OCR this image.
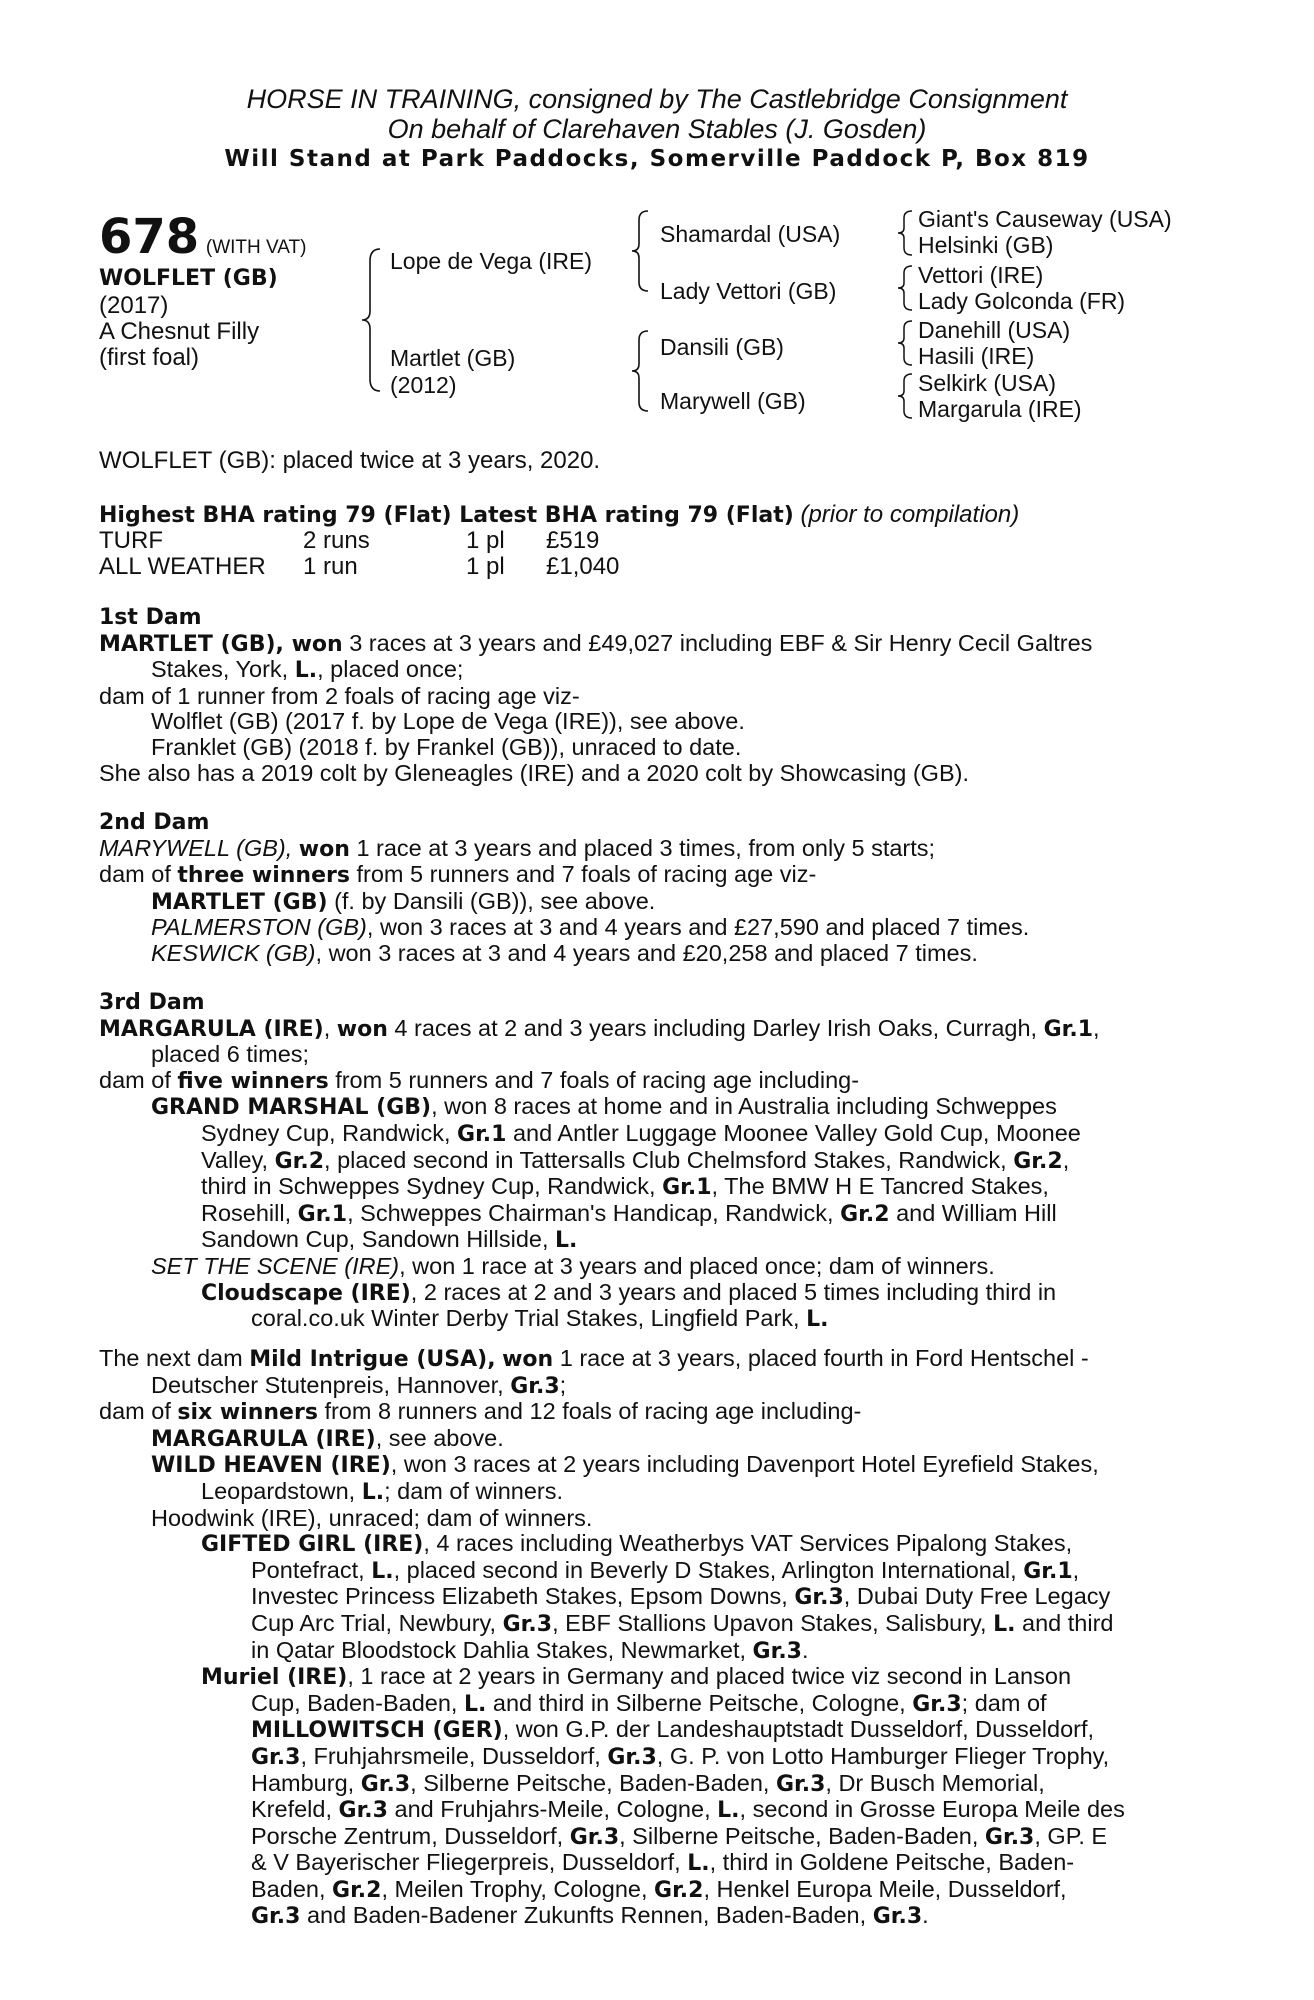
HORSE IN TRAINING, consigned by The Castlebridge Consignment
On behalf of Clarehaven Stables (J. Gosden)
Will Stand at Park Paddocks, Somerville Paddock P, Box 819
678 (WITH VAT)
WOLFLET (GB)
(2017)
A Chesnut Filly
(first foal)
Lope de Vega (IRE)
Martlet (GB)
(2012)
Shamardal (USA)
Lady Vettori (GB)
Dansili (GB)
Marywell (GB)
Giant's Causeway (USA)
Helsinki (GB)
Vettori (IRE)
Lady Golconda (FR)
Danehill (USA)
Hasili (IRE)
Selkirk (USA)
Margarula (IRE)
WOLFLET (GB): placed twice at 3 years, 2020.
Highest BHA rating 79 (Flat) Latest BHA rating 79 (Flat) (prior to compilation)
TURF	2 runs	1 pl £519
ALL WEATHER 1 run	1 pl £1,040
1st Dam
MARTLET (GB), won 3 races at 3 years and £49,027 including EBF & Sir Henry Cecil Galtres
Stakes, York, L., placed once;
dam of 1 runner from 2 foals of racing age viz-
Wolflet (GB) (2017 f. by Lope de Vega (IRE)), see above.
Franklet (GB) (2018 f. by Frankel (GB)), unraced to date.
She also has a 2019 colt by Gleneagles (IRE) and a 2020 colt by Showcasing (GB).
2nd Dam
MARYWELL (GB), won 1 race at 3 years and placed 3 times, from only 5 starts;
dam of three winners from 5 runners and 7 foals of racing age viz-
MARTLET (GB) (f. by Dansili (GB)), see above.
PALMERSTON (GB), won 3 races at 3 and 4 years and £27,590 and placed 7 times.
KESWICK (GB), won 3 races at 3 and 4 years and £20,258 and placed 7 times.
3rd Dam
MARGARULA (IRE), won 4 races at 2 and 3 years including Darley Irish Oaks, Curragh, Gr.1,
placed 6 times;
dam of five winners from 5 runners and 7 foals of racing age including-
GRAND MARSHAL (GB), won 8 races at home and in Australia including Schweppes
Sydney Cup, Randwick, Gr.1 and Antler Luggage Moonee Valley Gold Cup, Moonee
Valley, Gr.2, placed second in Tattersalls Club Chelmsford Stakes, Randwick, Gr.2,
third in Schweppes Sydney Cup, Randwick, Gr.1, The BMW H E Tancred Stakes,
Rosehill, Gr.1, Schweppes Chairman's Handicap, Randwick, Gr.2 and William Hill
Sandown Cup, Sandown Hillside, L.
SET THE SCENE (IRE), won 1 race at 3 years and placed once; dam of winners.
Cloudscape (IRE), 2 races at 2 and 3 years and placed 5 times including third in
coral.co.uk Winter Derby Trial Stakes, Lingfield Park, L.
The next dam Mild Intrigue (USA), won 1 race at 3 years, placed fourth in Ford Hentschel -
Deutscher Stutenpreis, Hannover, Gr.3;
dam of six winners from 8 runners and 12 foals of racing age including-
MARGARULA (IRE), see above.
WILD HEAVEN (IRE), won 3 races at 2 years including Davenport Hotel Eyrefield Stakes,
Leopardstown, L.; dam of winners.
Hoodwink (IRE), unraced; dam of winners.
GIFTED GIRL (IRE), 4 races including Weatherbys VAT Services Pipalong Stakes,
Pontefract, L., placed second in Beverly D Stakes, Arlington International, Gr.1,
Investec Princess Elizabeth Stakes, Epsom Downs, Gr.3, Dubai Duty Free Legacy
Cup Arc Trial, Newbury, Gr.3, EBF Stallions Upavon Stakes, Salisbury, L. and third
in Qatar Bloodstock Dahlia Stakes, Newmarket, Gr.3.
Muriel (IRE), 1 race at 2 years in Germany and placed twice viz second in Lanson
Cup, Baden-Baden, L. and third in Silberne Peitsche, Cologne, Gr.3; dam of
MILLOWITSCH (GER), won G.P. der Landeshauptstadt Dusseldorf, Dusseldorf,
Gr.3, Fruhjahrsmeile, Dusseldorf, Gr.3, G. P. von Lotto Hamburger Flieger Trophy,
Hamburg, Gr.3, Silberne Peitsche, Baden-Baden, Gr.3, Dr Busch Memorial,
Krefeld, Gr.3 and Fruhjahrs-Meile, Cologne, L., second in Grosse Europa Meile des
Porsche Zentrum, Dusseldorf, Gr.3, Silberne Peitsche, Baden-Baden, Gr.3, GP. E
& V Bayerischer Fliegerpreis, Dusseldorf, L., third in Goldene Peitsche, Baden-
Baden, Gr.2, Meilen Trophy, Cologne, Gr.2, Henkel Europa Meile, Dusseldorf,
Gr.3 and Baden-Badener Zukunfts Rennen, Baden-Baden, Gr.3.
